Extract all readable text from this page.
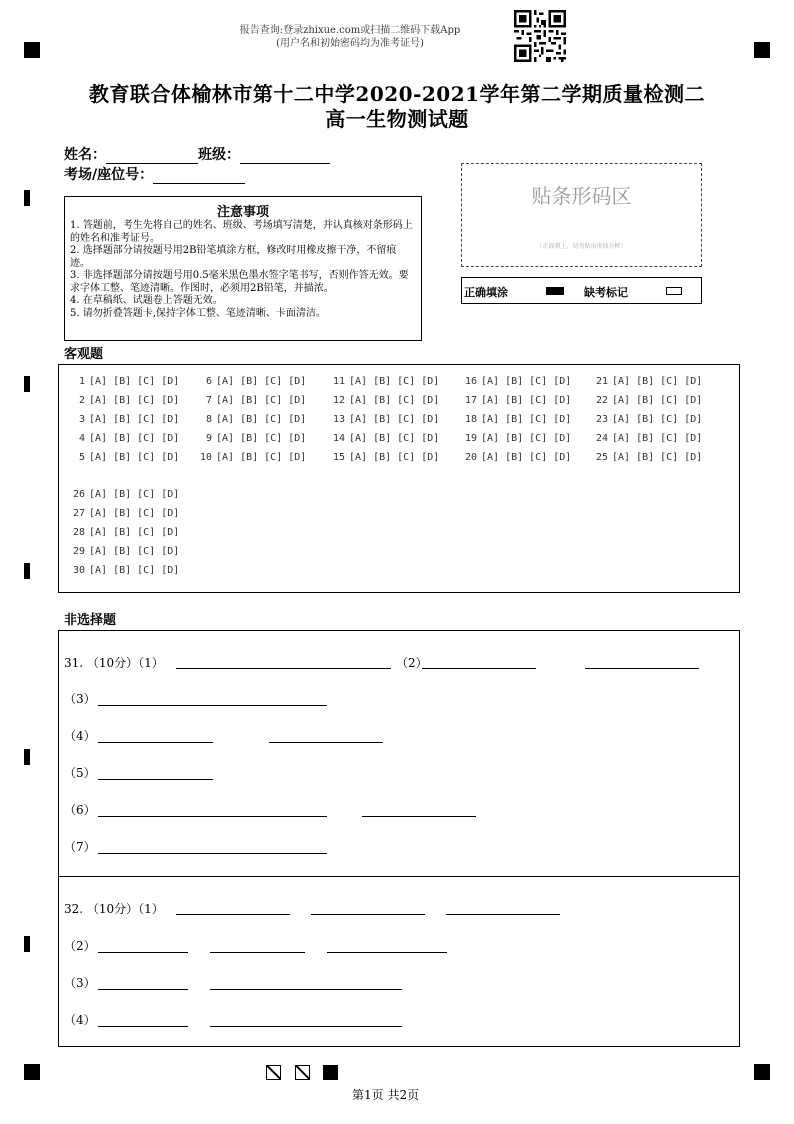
报告查询:登录zhixue.com或扫描二维码下载App
(用户名和初始密码均为准考证号)
教育联合体榆林市第十二中学2020-2021学年第二学期质量检测二
高一生物测试题
姓名：	班级：
考场/座位号：
注意事项
1. 答题前，考生先将自己的姓名、班级、考场填写清楚，并认真核对条形码上的姓名和准考证号。
2. 选择题部分请按题号用2B铅笔填涂方框，修改时用橡皮擦干净，不留痕迹。
3. 非选择题部分请按题号用0.5毫米黑色墨水签字笔书写，否则作答无效。要求字体工整、笔迹清晰。作图时，必须用2B铅笔，并描浓。
4. 在草稿纸、试题卷上答题无效。
5. 请勿折叠答题卡,保持字体工整、笔迹清晰、卡面清洁。
贴条形码区
（正面朝上，切勿贴出虚线方框）
正确填涂	缺考标记
客观题
1 [A] [B] [C] [D]
2 [A] [B] [C] [D]
3 [A] [B] [C] [D]
4 [A] [B] [C] [D]
5 [A] [B] [C] [D]
6 [A] [B] [C] [D]
7 [A] [B] [C] [D]
8 [A] [B] [C] [D]
9 [A] [B] [C] [D]
10 [A] [B] [C] [D]
11 [A] [B] [C] [D]
12 [A] [B] [C] [D]
13 [A] [B] [C] [D]
14 [A] [B] [C] [D]
15 [A] [B] [C] [D]
16 [A] [B] [C] [D]
17 [A] [B] [C] [D]
18 [A] [B] [C] [D]
19 [A] [B] [C] [D]
20 [A] [B] [C] [D]
21 [A] [B] [C] [D]
22 [A] [B] [C] [D]
23 [A] [B] [C] [D]
24 [A] [B] [C] [D]
25 [A] [B] [C] [D]
26 [A] [B] [C] [D]
27 [A] [B] [C] [D]
28 [A] [B] [C] [D]
29 [A] [B] [C] [D]
30 [A] [B] [C] [D]
非选择题
31. （10分）（1）	（2）
（3）
（4）
（5）
（6）
（7）
32. （10分）（1）
（2）
（3）
（4）
第1页 共2页
